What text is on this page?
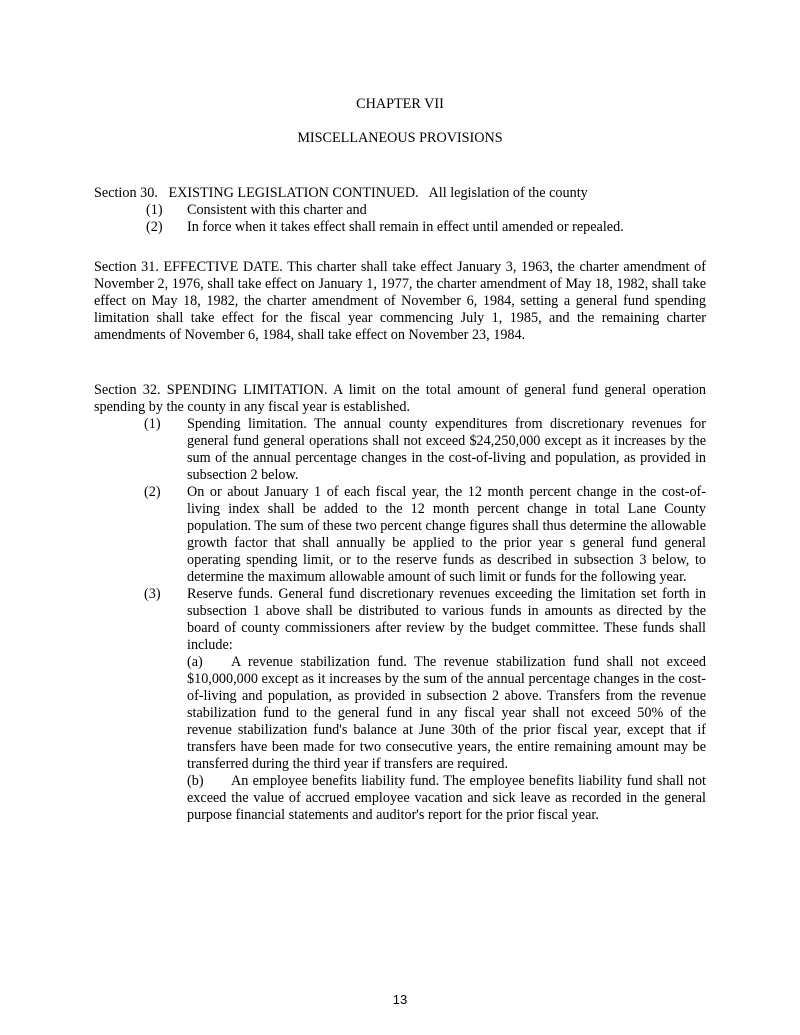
CHAPTER VII
MISCELLANEOUS PROVISIONS

Section 30.   EXISTING LEGISLATION CONTINUED.   All legislation of the county

(1) Consistent with this charter and
(2) In force when it takes effect shall remain in effect until amended or repealed.

Section 31. EFFECTIVE DATE. This charter shall take effect January 3, 1963, the charter amendment of November 2, 1976, shall take effect on January 1, 1977, the charter amendment of May 18, 1982, shall take effect on May 18, 1982, the charter amendment of November 6, 1984, setting a general fund spending limitation shall take effect for the fiscal year commencing July 1, 1985, and the remaining charter amendments of November 6, 1984, shall take effect on November 23, 1984.

Section 32. SPENDING LIMITATION. A limit on the total amount of general fund general operation spending by the county in any fiscal year is established.

(1) Spending limitation. The annual county expenditures from discretionary revenues for general fund general operations shall not exceed $24,250,000 except as it increases by the sum of the annual percentage changes in the cost-of-living and population, as provided in subsection 2 below.
(2) On or about January 1 of each fiscal year, the 12 month percent change in the cost-of-living index shall be added to the 12 month percent change in total Lane County population. The sum of these two percent change figures shall thus determine the allowable growth factor that shall annually be applied to the prior year s general fund general operating spending limit, or to the reserve funds as described in subsection 3 below, to determine the maximum allowable amount of such limit or funds for the following year.
(3) Reserve funds. General fund discretionary revenues exceeding the limitation set forth in subsection 1 above shall be distributed to various funds in amounts as directed by the board of county commissioners after review by the budget committee. These funds shall include:
(a) A revenue stabilization fund. The revenue stabilization fund shall not exceed $10,000,000 except as it increases by the sum of the annual percentage changes in the cost-of-living and population, as provided in subsection 2 above. Transfers from the revenue stabilization fund to the general fund in any fiscal year shall not exceed 50% of the revenue stabilization fund's balance at June 30th of the prior fiscal year, except that if transfers have been made for two consecutive years, the entire remaining amount may be transferred during the third year if transfers are required.
(b) An employee benefits liability fund. The employee benefits liability fund shall not exceed the value of accrued employee vacation and sick leave as recorded in the general purpose financial statements and auditor's report for the prior fiscal year.
13
